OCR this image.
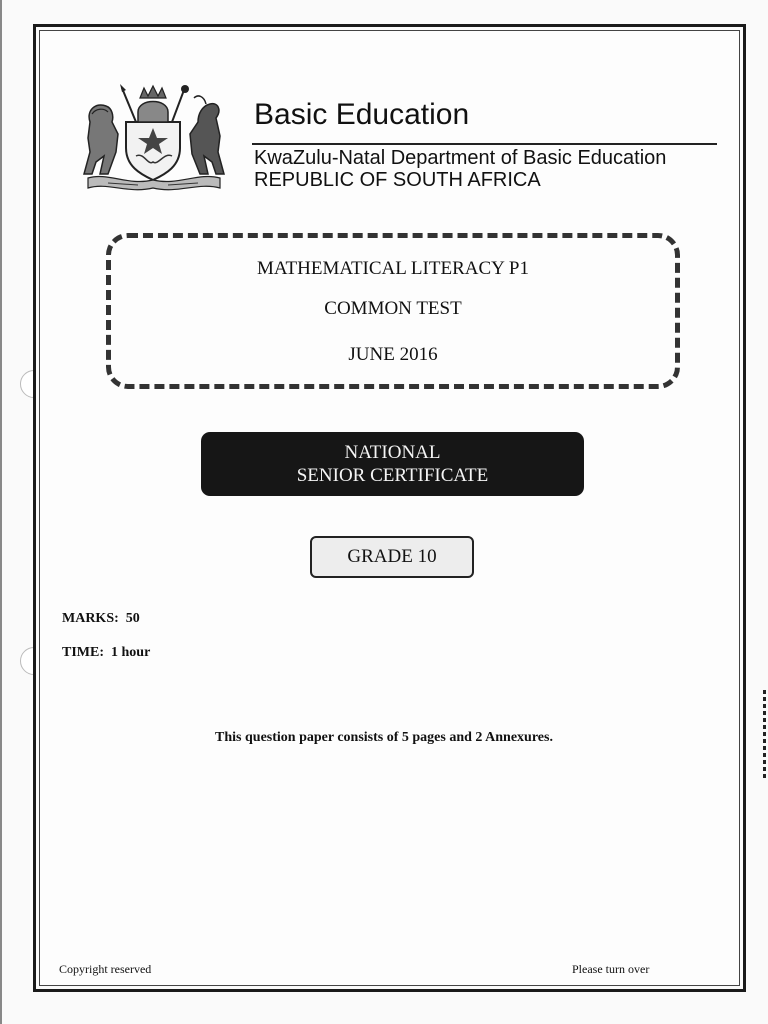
Basic Education
KwaZulu-Natal Department of Basic Education
REPUBLIC OF SOUTH AFRICA
MATHEMATICAL LITERACY P1
COMMON TEST
JUNE 2016
NATIONAL
SENIOR CERTIFICATE
GRADE 10
MARKS:  50
TIME:  1 hour
This question paper consists of 5 pages and 2 Annexures.
Copyright reserved	Please turn over
